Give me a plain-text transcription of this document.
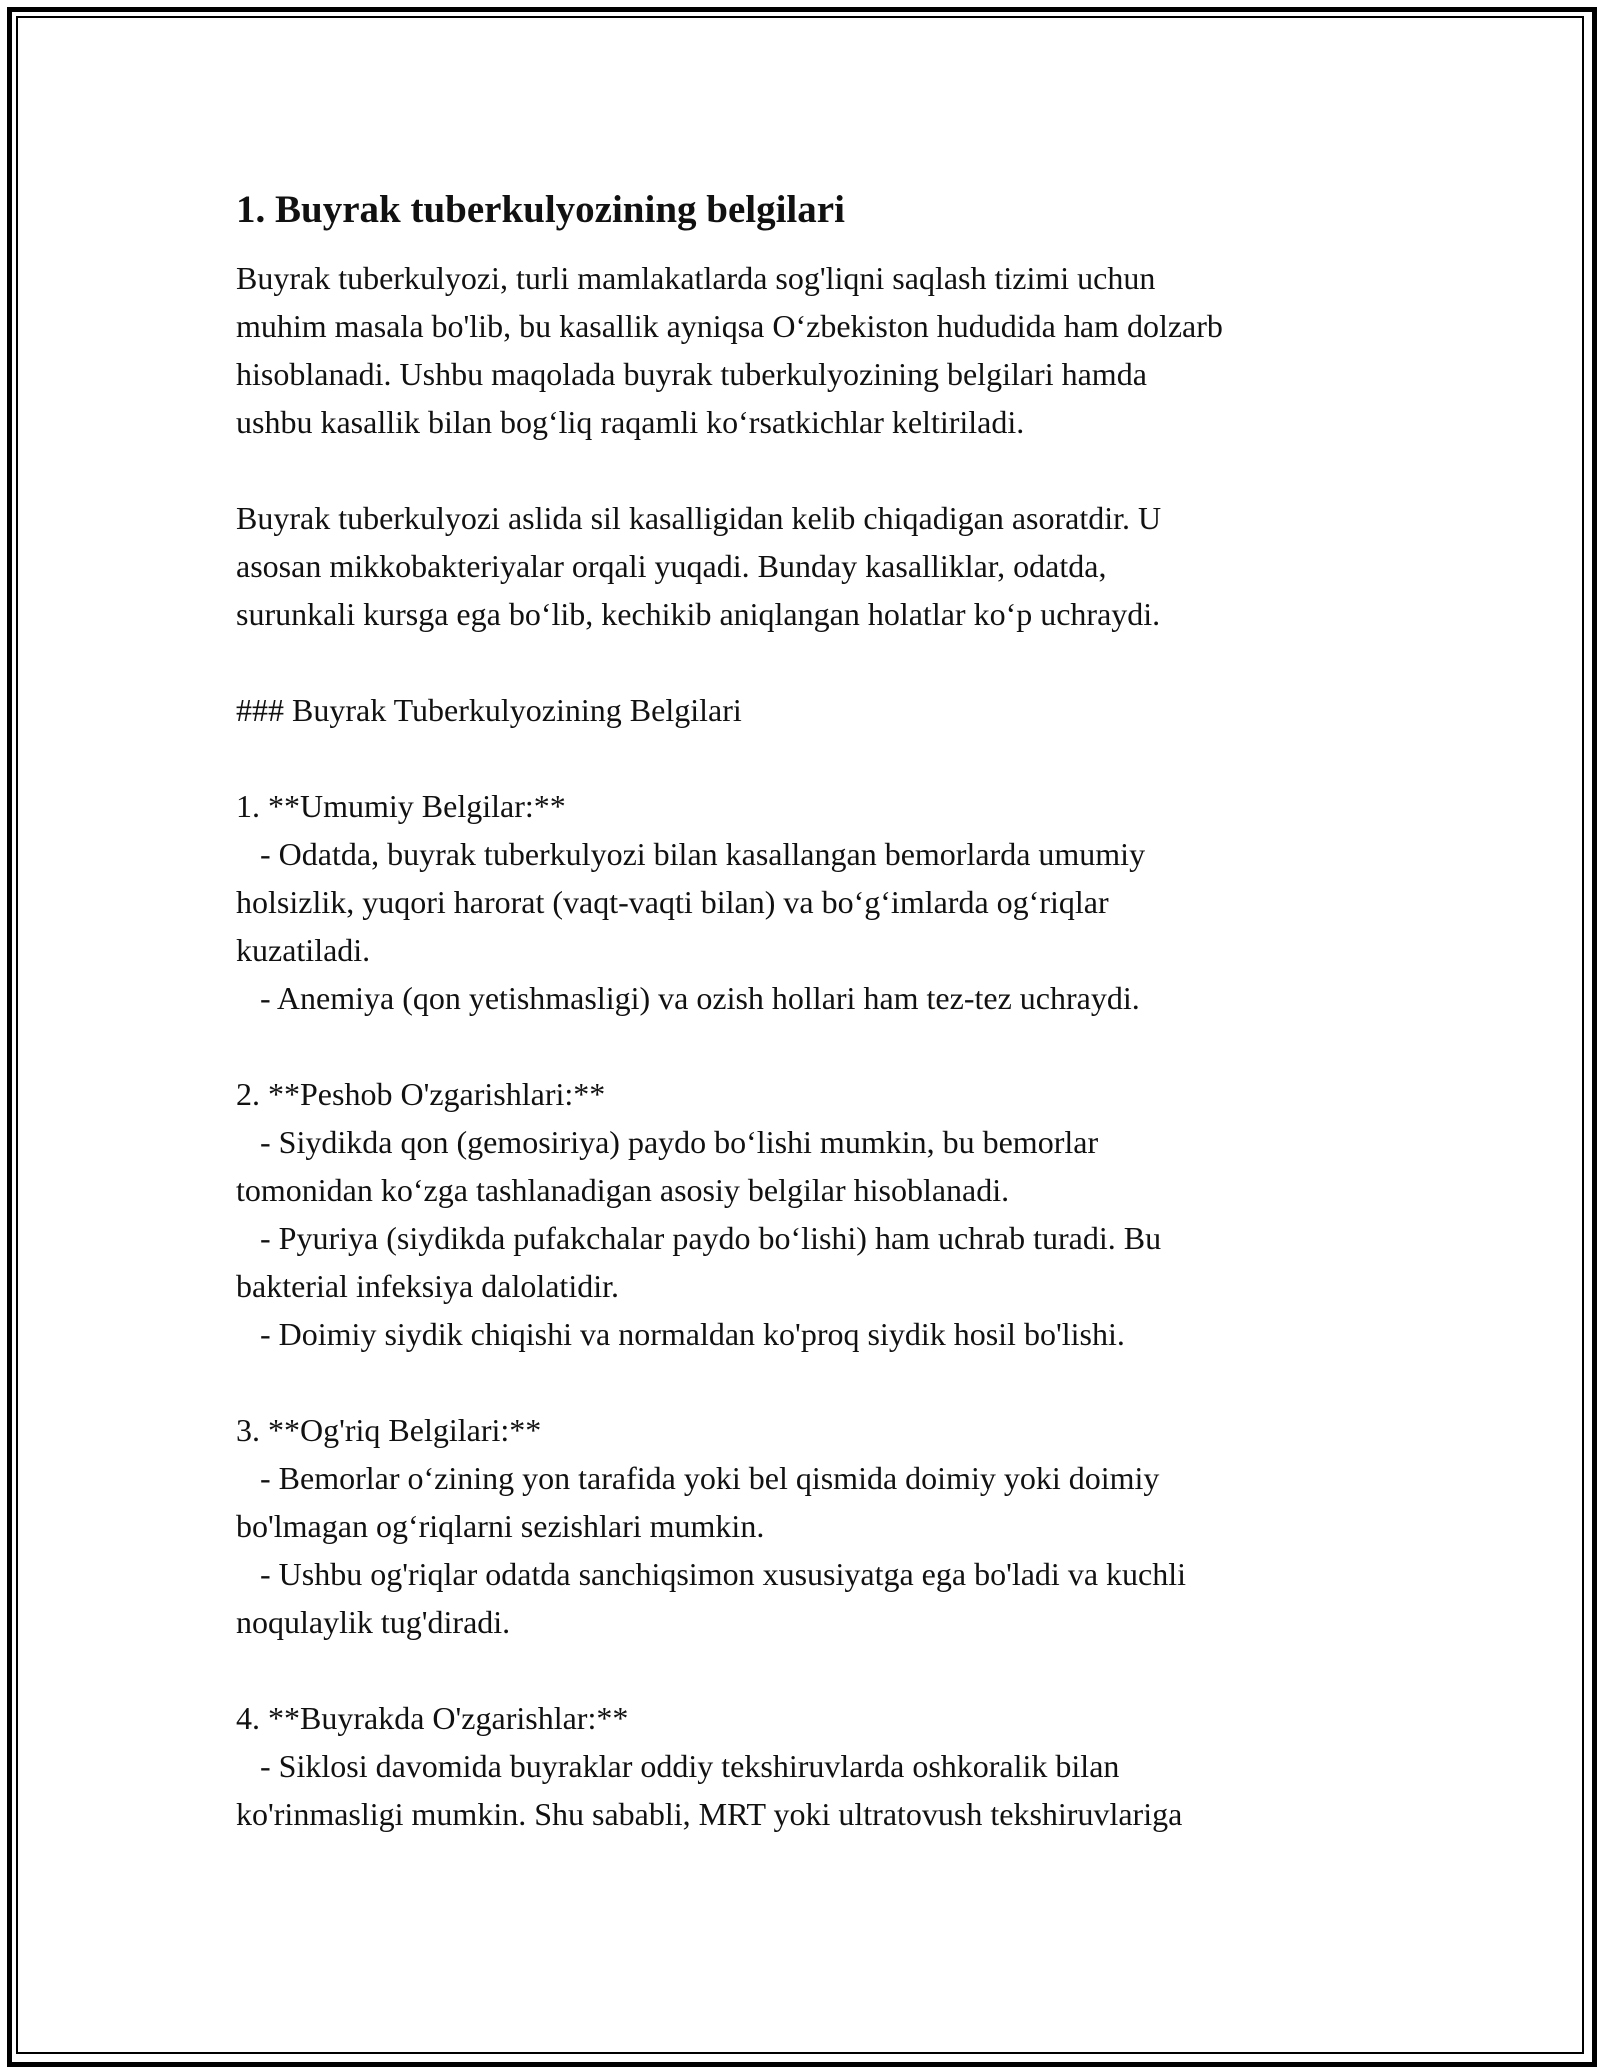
1. Buyrak tuberkulyozining belgilari
Buyrak tuberkulyozi, turli mamlakatlarda sog'liqni saqlash tizimi uchun
muhim masala bo'lib, bu kasallik ayniqsa O‘zbekiston hududida ham dolzarb
hisoblanadi. Ushbu maqolada buyrak tuberkulyozining belgilari hamda
ushbu kasallik bilan bog‘liq raqamli ko‘rsatkichlar keltiriladi.
Buyrak tuberkulyozi aslida sil kasalligidan kelib chiqadigan asoratdir. U
asosan mikkobakteriyalar orqali yuqadi. Bunday kasalliklar, odatda,
surunkali kursga ega bo‘lib, kechikib aniqlangan holatlar ko‘p uchraydi.
### Buyrak Tuberkulyozining Belgilari
1. **Umumiy Belgilar:**
- Odatda, buyrak tuberkulyozi bilan kasallangan bemorlarda umumiy
holsizlik, yuqori harorat (vaqt-vaqti bilan) va bo‘g‘imlarda og‘riqlar
kuzatiladi.
- Anemiya (qon yetishmasligi) va ozish hollari ham tez-tez uchraydi.
2. **Peshob O'zgarishlari:**
- Siydikda qon (gemosiriya) paydo bo‘lishi mumkin, bu bemorlar
tomonidan ko‘zga tashlanadigan asosiy belgilar hisoblanadi.
- Pyuriya (siydikda pufakchalar paydo bo‘lishi) ham uchrab turadi. Bu
bakterial infeksiya dalolatidir.
- Doimiy siydik chiqishi va normaldan ko'proq siydik hosil bo'lishi.
3. **Og'riq Belgilari:**
- Bemorlar o‘zining yon tarafida yoki bel qismida doimiy yoki doimiy
bo'lmagan og‘riqlarni sezishlari mumkin.
- Ushbu og'riqlar odatda sanchiqsimon xususiyatga ega bo'ladi va kuchli
noqulaylik tug'diradi.
4. **Buyrakda O'zgarishlar:**
- Siklosi davomida buyraklar oddiy tekshiruvlarda oshkoralik bilan
ko'rinmasligi mumkin. Shu sababli, MRT yoki ultratovush tekshiruvlariga
